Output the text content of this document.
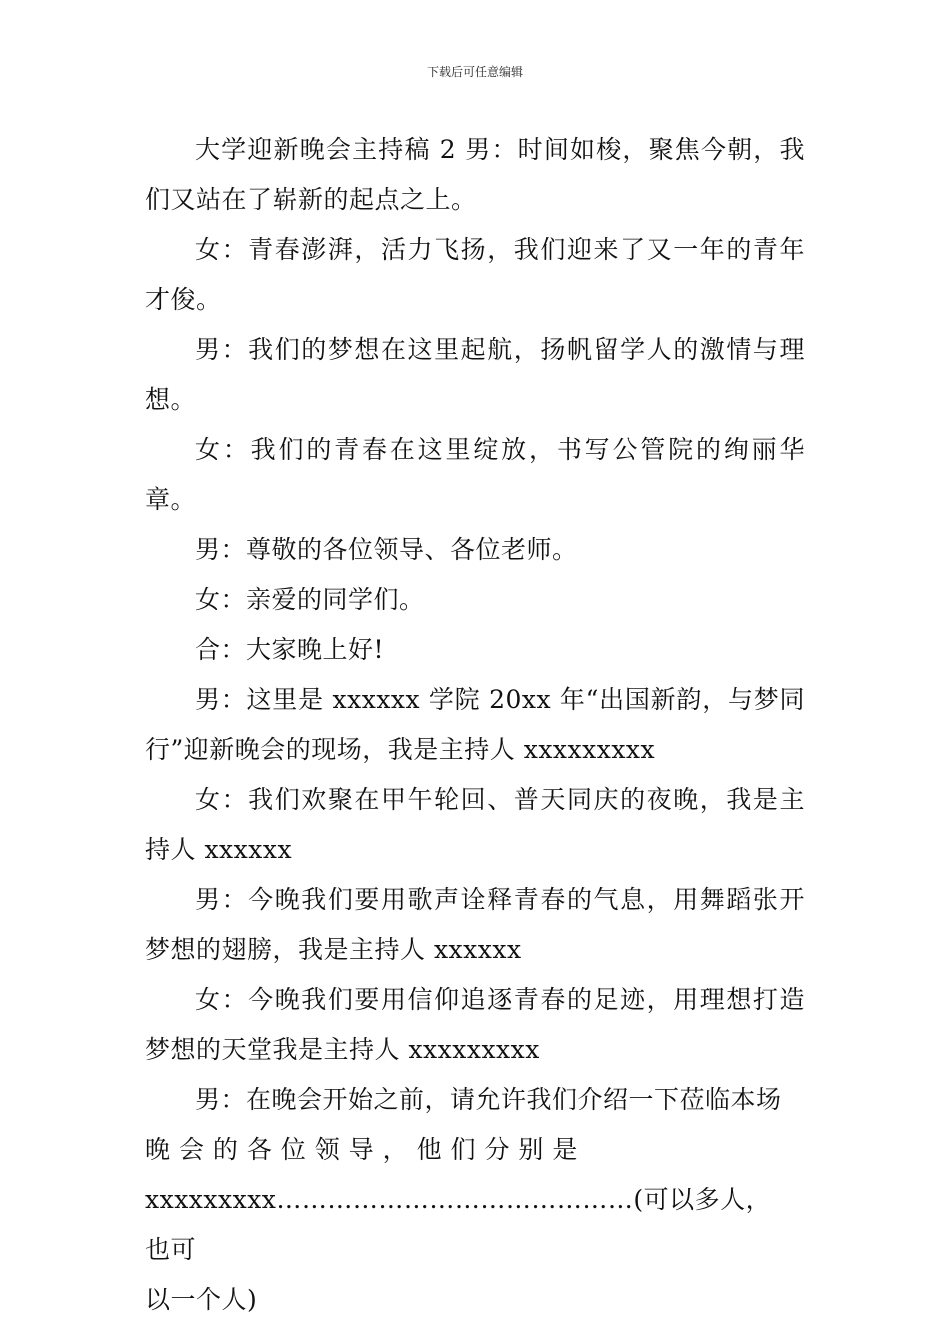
下载后可任意编辑

大学迎新晚会主持稿 2 男：时间如梭，聚焦今朝，我们又站在了崭新的起点之上。

女：青春澎湃，活力飞扬，我们迎来了又一年的青年才俊。

男：我们的梦想在这里起航，扬帆留学人的激情与理想。

女：我们的青春在这里绽放，书写公管院的绚丽华章。

男：尊敬的各位领导、各位老师。

女：亲爱的同学们。

合：大家晚上好!

男：这里是 xxxxxx 学院 20xx 年“出国新韵，与梦同行”迎新晚会的现场，我是主持人 xxxxxxxxx

女：我们欢聚在甲午轮回、普天同庆的夜晚，我是主持人 xxxxxx

男：今晚我们要用歌声诠释青春的气息，用舞蹈张开梦想的翅膀，我是主持人 xxxxxx

女：今晚我们要用信仰追逐青春的足迹，用理想打造梦想的天堂我是主持人 xxxxxxxxx

男：在晚会开始之前，请允许我们介绍一下莅临本场

晚 会 的 各 位 领 导 ， 他 们 分 别 是

xxxxxxxxx……………………………………(可以多人， 也可

以一个人)
